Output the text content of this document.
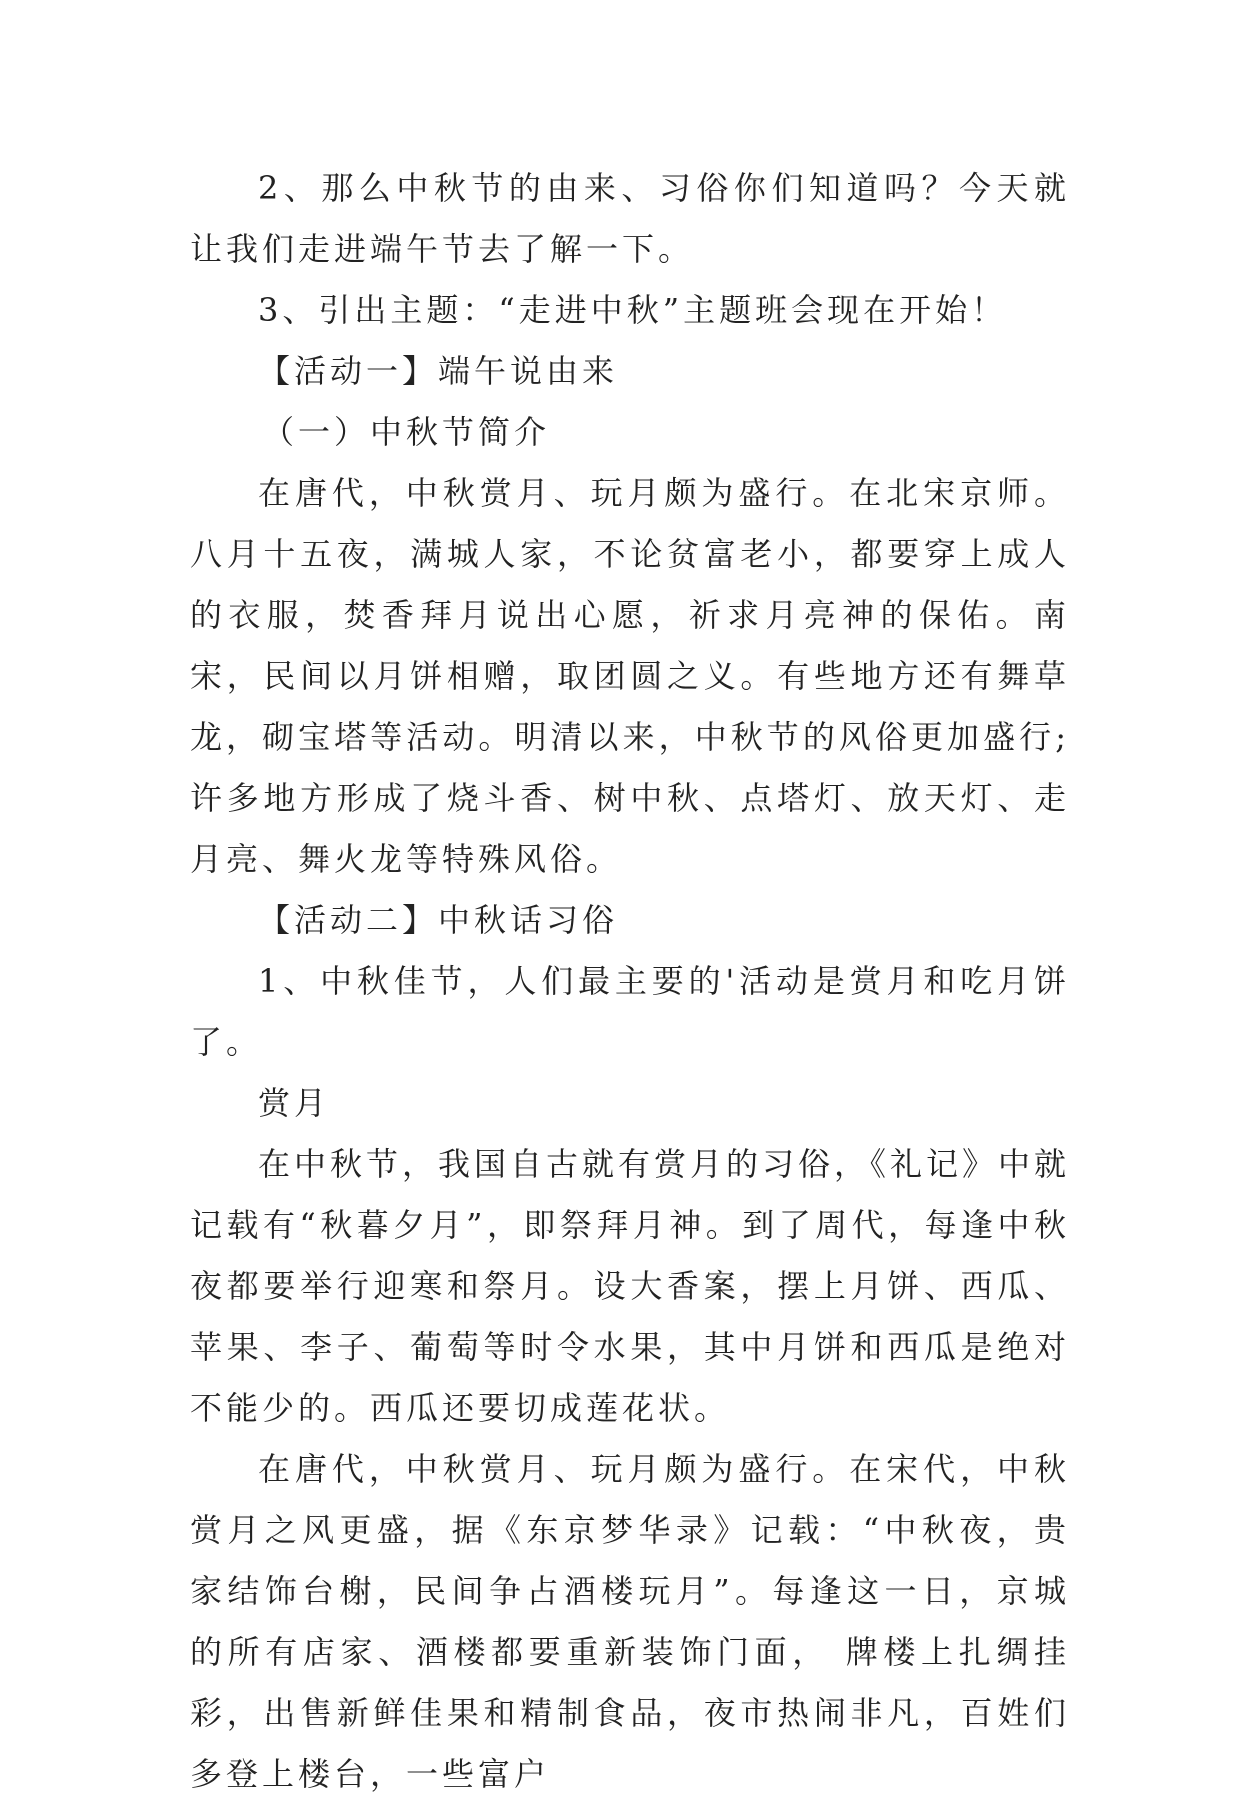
2、那么中秋节的由来、习俗你们知道吗？今天就让我们走进端午节去了解一下。

3、引出主题：“走进中秋”主题班会现在开始！

【活动一】端午说由来

（一）中秋节简介

在唐代，中秋赏月、玩月颇为盛行。在北宋京师。八月十五夜，满城人家，不论贫富老小，都要穿上成人的衣服，焚香拜月说出心愿，祈求月亮神的保佑。南宋，民间以月饼相赠，取团圆之义。有些地方还有舞草龙，砌宝塔等活动。明清以来，中秋节的风俗更加盛行;许多地方形成了烧斗香、树中秋、点塔灯、放天灯、走月亮、舞火龙等特殊风俗。

【活动二】中秋话习俗

1、中秋佳节，人们最主要的'活动是赏月和吃月饼了。

赏月

在中秋节，我国自古就有赏月的习俗，《礼记》中就记载有“秋暮夕月”，即祭拜月神。到了周代，每逢中秋夜都要举行迎寒和祭月。设大香案，摆上月饼、西瓜、苹果、李子、葡萄等时令水果，其中月饼和西瓜是绝对不能少的。西瓜还要切成莲花状。

在唐代，中秋赏月、玩月颇为盛行。在宋代，中秋赏月之风更盛，据《东京梦华录》记载：“中秋夜，贵家结饰台榭，民间争占酒楼玩月”。每逢这一日，京城的所有店家、酒楼都要重新装饰门面， 牌楼上扎绸挂彩，出售新鲜佳果和精制食品，夜市热闹非凡，百姓们多登上楼台，一些富户
